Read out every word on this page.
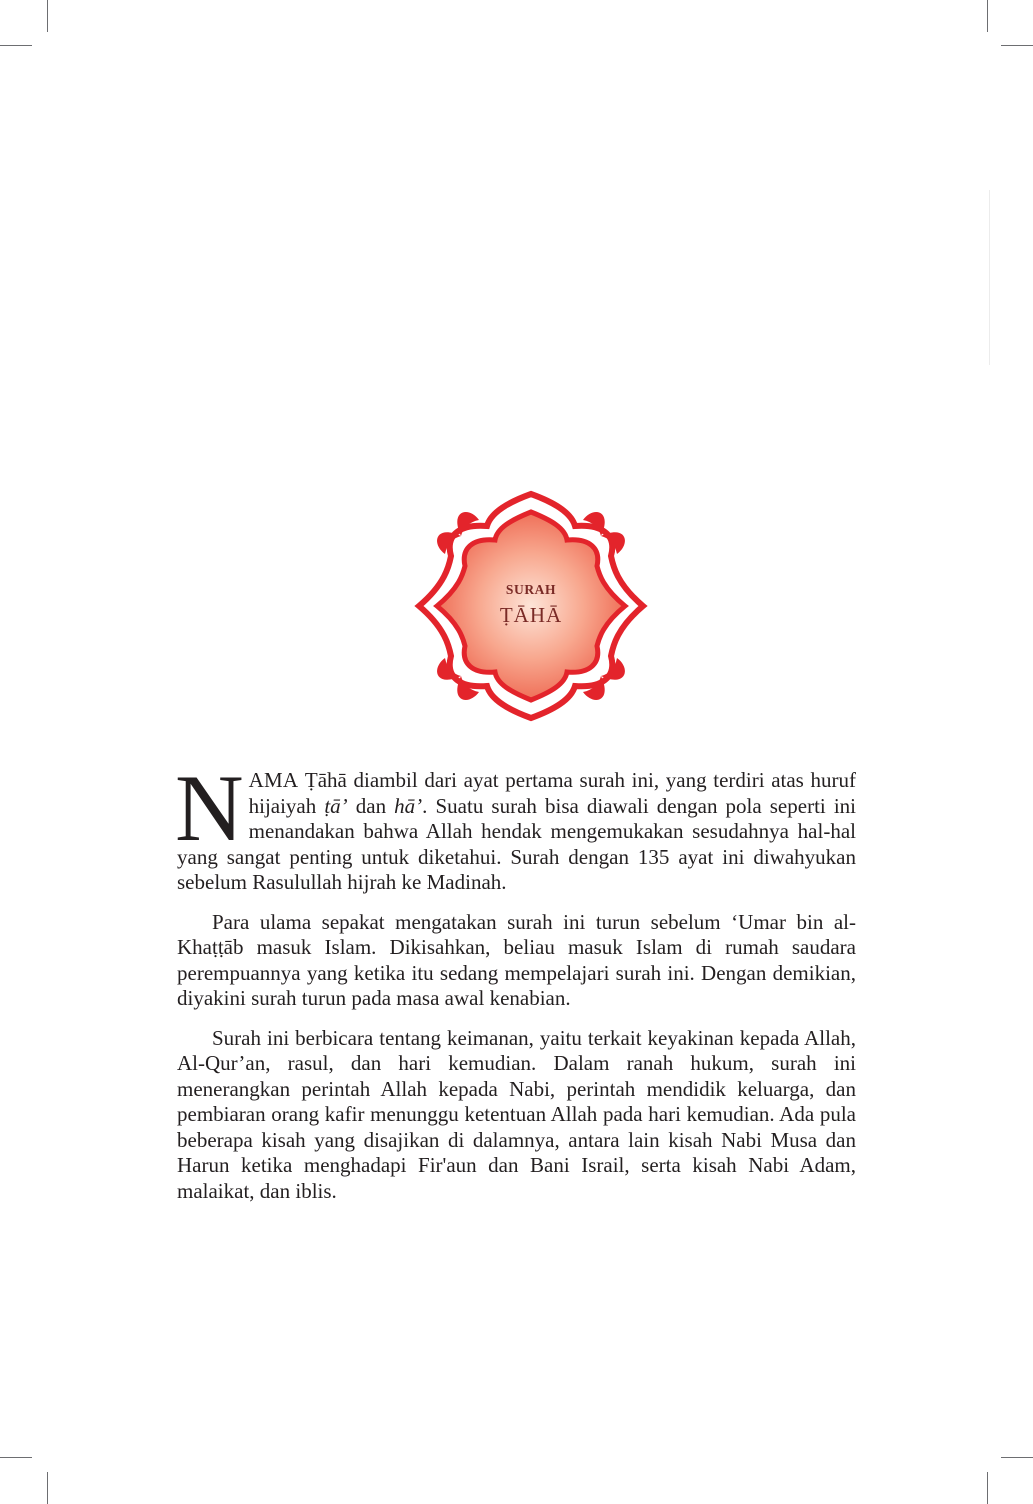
SURAH
ṬĀHĀ

NAMA Ṭāhā diambil dari ayat pertama surah ini, yang terdiri atas huruf hijaiyah ṭā’ dan hā’. Suatu surah bisa diawali dengan pola seperti ini menandakan bahwa Allah hendak mengemukakan sesudahnya hal-hal yang sangat penting untuk diketahui. Surah dengan 135 ayat ini diwahyukan sebelum Rasulullah hijrah ke Madinah.

Para ulama sepakat mengatakan surah ini turun sebelum ‘Umar bin al-Khaṭṭāb masuk Islam. Dikisahkan, beliau masuk Islam di rumah saudara perempuannya yang ketika itu sedang mempelajari surah ini. Dengan demikian, diyakini surah turun pada masa awal kenabian.

Surah ini berbicara tentang keimanan, yaitu terkait keyakinan kepada Allah, Al-Qur’an, rasul, dan hari kemudian. Dalam ranah hukum, surah ini menerangkan perintah Allah kepada Nabi, perintah mendidik keluarga, dan pembiaran orang kafir menunggu ketentuan Allah pada hari kemudian. Ada pula beberapa kisah yang disajikan di dalamnya, antara lain kisah Nabi Musa dan Harun ketika menghadapi Fir'aun dan Bani Israil, serta kisah Nabi Adam, malaikat, dan iblis.
